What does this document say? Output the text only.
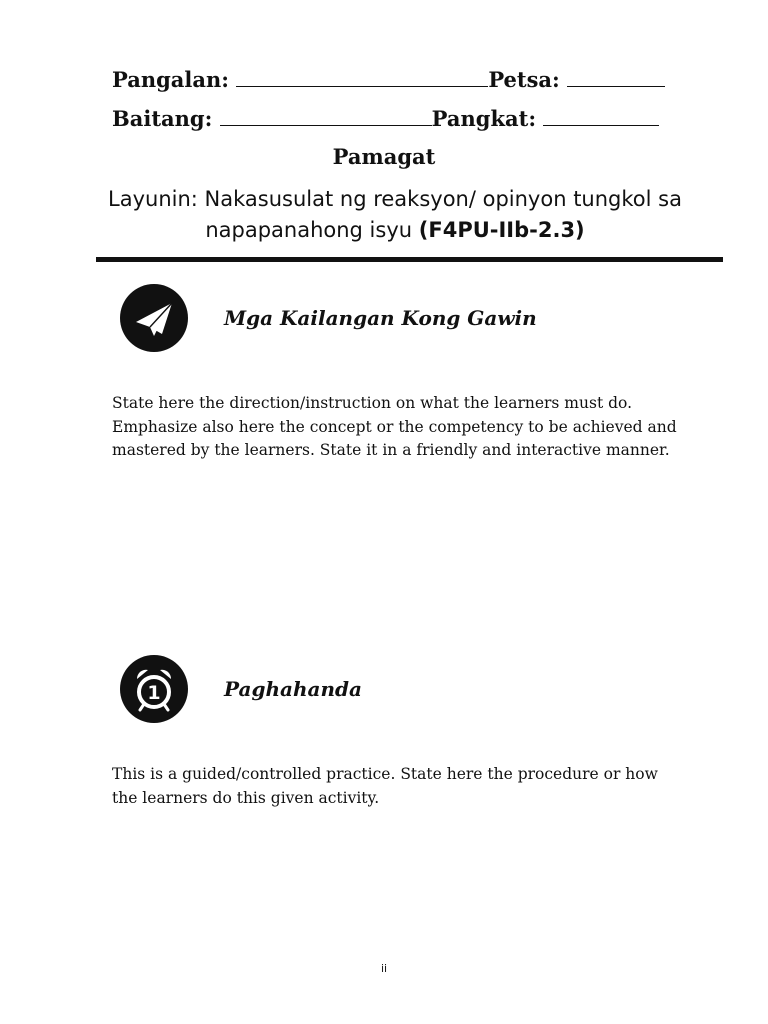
Pangalan:	Petsa:
Baitang:	Pangkat:
Pamagat
Layunin: Nakasusulat ng reaksyon/ opinyon tungkol sa napapanahong isyu (F4PU-IIb-2.3)
Mga Kailangan Kong Gawin
State here the direction/instruction on what the learners must do. Emphasize also here the concept or the competency to be achieved and mastered by the learners. State it in a friendly and interactive manner.
1	Paghahanda
This is a guided/controlled practice. State here the procedure or how the learners do this given activity.
ii
